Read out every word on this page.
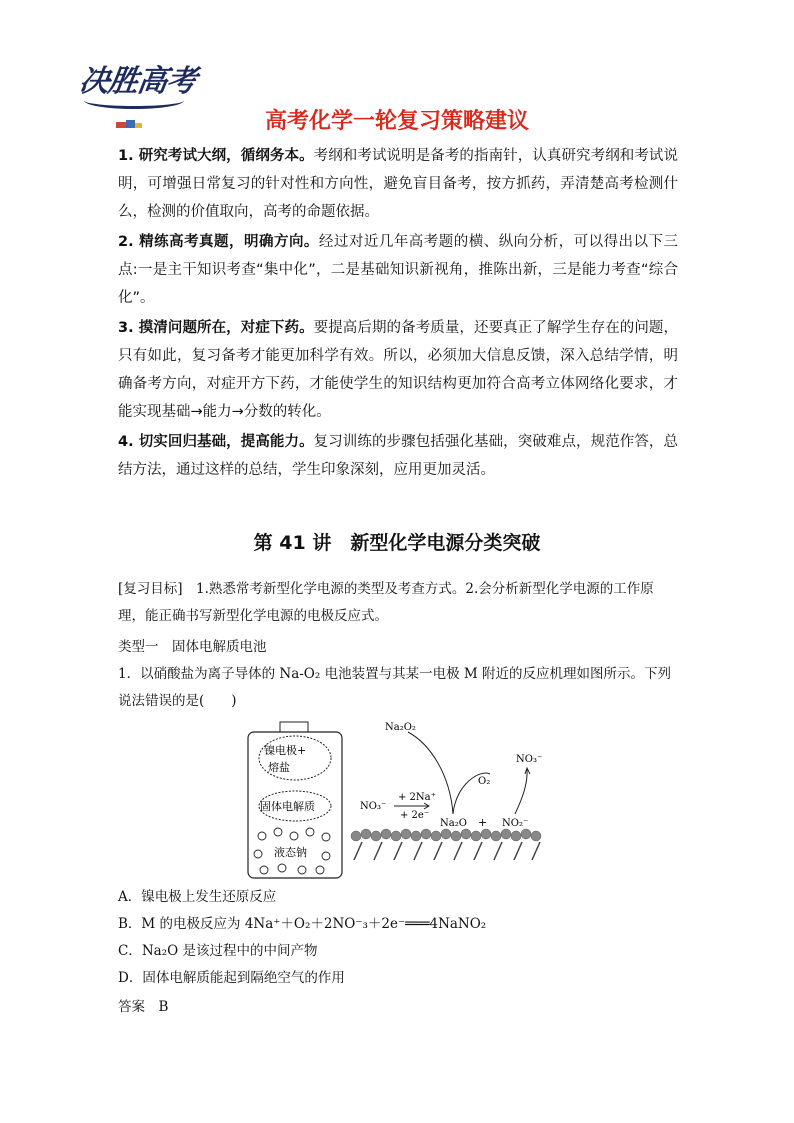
决胜高考
高考化学一轮复习策略建议
1. 研究考试大纲，循纲务本。考纲和考试说明是备考的指南针，认真研究考纲和考试说明，可增强日常复习的针对性和方向性，避免盲目备考，按方抓药，弄清楚高考检测什么，检测的价值取向，高考的命题依据。
2. 精练高考真题，明确方向。经过对近几年高考题的横、纵向分析，可以得出以下三点:一是主干知识考查“集中化”，二是基础知识新视角，推陈出新，三是能力考查“综合化”。
3. 摸清问题所在，对症下药。要提高后期的备考质量，还要真正了解学生存在的问题，只有如此，复习备考才能更加科学有效。所以，必须加大信息反馈，深入总结学情，明确备考方向，对症开方下药，才能使学生的知识结构更加符合高考立体网络化要求，才能实现基础→能力→分数的转化。
4. 切实回归基础，提高能力。复习训练的步骤包括强化基础，突破难点，规范作答，总结方法，通过这样的总结，学生印象深刻，应用更加灵活。
第 41 讲　新型化学电源分类突破
[复习目标]　1.熟悉常考新型化学电源的类型及考查方式。2.会分析新型化学电源的工作原理，能正确书写新型化学电源的电极反应式。
类型一　固体电解质电池
1．以硝酸盐为离子导体的 Na-O₂ 电池装置与其某一电极 M 附近的反应机理如图所示。下列说法错误的是(　　)
镍电极+
熔盐
固体电解质
液态钠
Na₂O₂
NO₃⁻
O₂
NO₃⁻
+ 2Na⁺
+ 2e⁻
Na₂O + NO₂⁻
A．镍电极上发生还原反应
B．M 的电极反应为 4Na⁺＋O₂＋2NO⁻₃＋2e⁻═══4NaNO₂
C．Na₂O 是该过程中的中间产物
D．固体电解质能起到隔绝空气的作用
答案　B
